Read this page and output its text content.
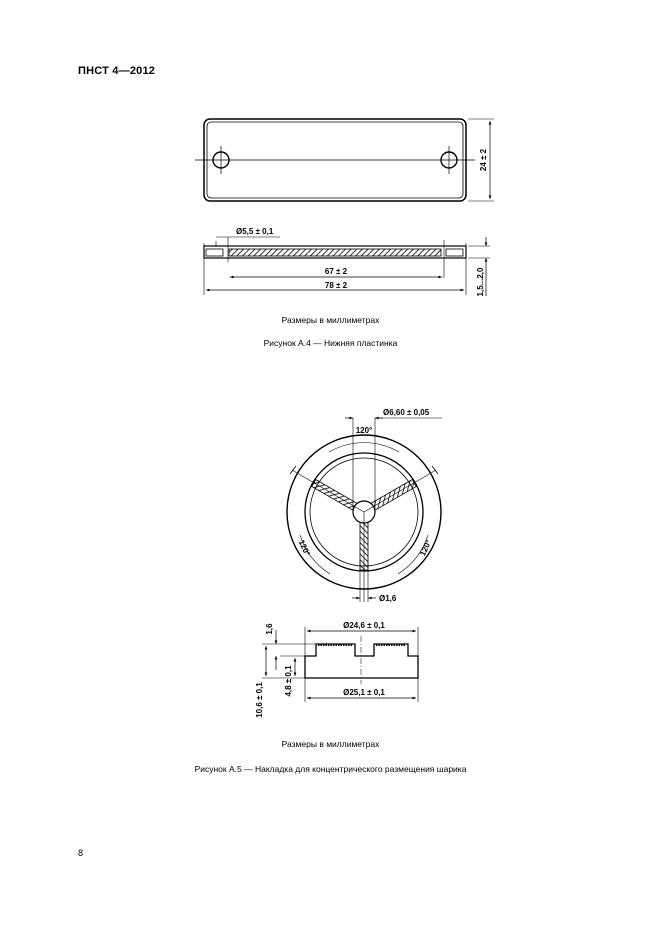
ПНСТ 4—2012
24 ± 2
Ø5,5 ± 0,1
67 ± 2
78 ± 2	1,5...2,0
Ø6,60 ± 0,05
120°
120°	120°
Ø1,6
Ø24,6 ± 0,1
Ø25,1 ± 0,1
1,6
4,8 ± 0,1
10,6 ± 0,1
Размеры в миллиметрах
Рисунок А.4 — Нижняя пластинка
Размеры в миллиметрах
Рисунок А.5 — Накладка для концентрического размещения шарика
8
